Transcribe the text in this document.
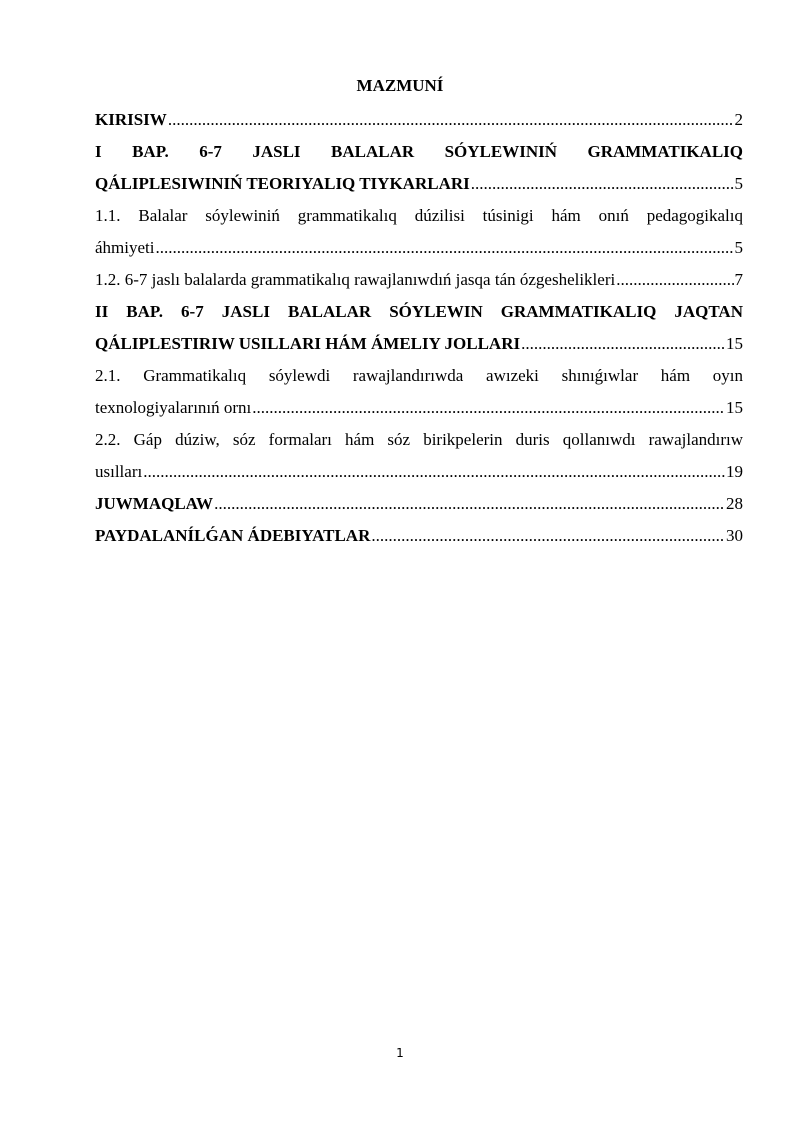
MAZMUNÍ
KIRISIW .....	2
I BAP. 6-7 JASLI BALALAR SÓYLEWINIŃ GRAMMATIKALIQ
QÁLIPLESIWINIŃ TEORIYALIQ TIYKARLARI .....	5
1.1. Balalar sóylewiniń grammatikalıq dúzilisi túsinigi hám onıń pedagogikalıq
áhmiyeti .....	5
1.2. 6-7 jaslı balalarda grammatikalıq rawajlanıwdıń jasqa tán ózgeshelikleri .....	7
II BAP. 6-7 JASLI BALALAR SÓYLEWIN GRAMMATIKALIQ JAQTAN
QÁLIPLESTIRIW USILLARI HÁM ÁMELIY JOLLARI .....	15
2.1. Grammatikalıq sóylewdi rawajlandırıwda awızeki shınıǵıwlar hám oyın
texnologiyalarınıń ornı .....	15
2.2. Gáp dúziw, sóz formaları hám sóz birikpelerin duris qollanıwdı rawajlandırıw
usılları .....	19
JUWMAQLAW .....	28
PAYDALANÍLǴAN ÁDEBIYATLAR .....	30
1
